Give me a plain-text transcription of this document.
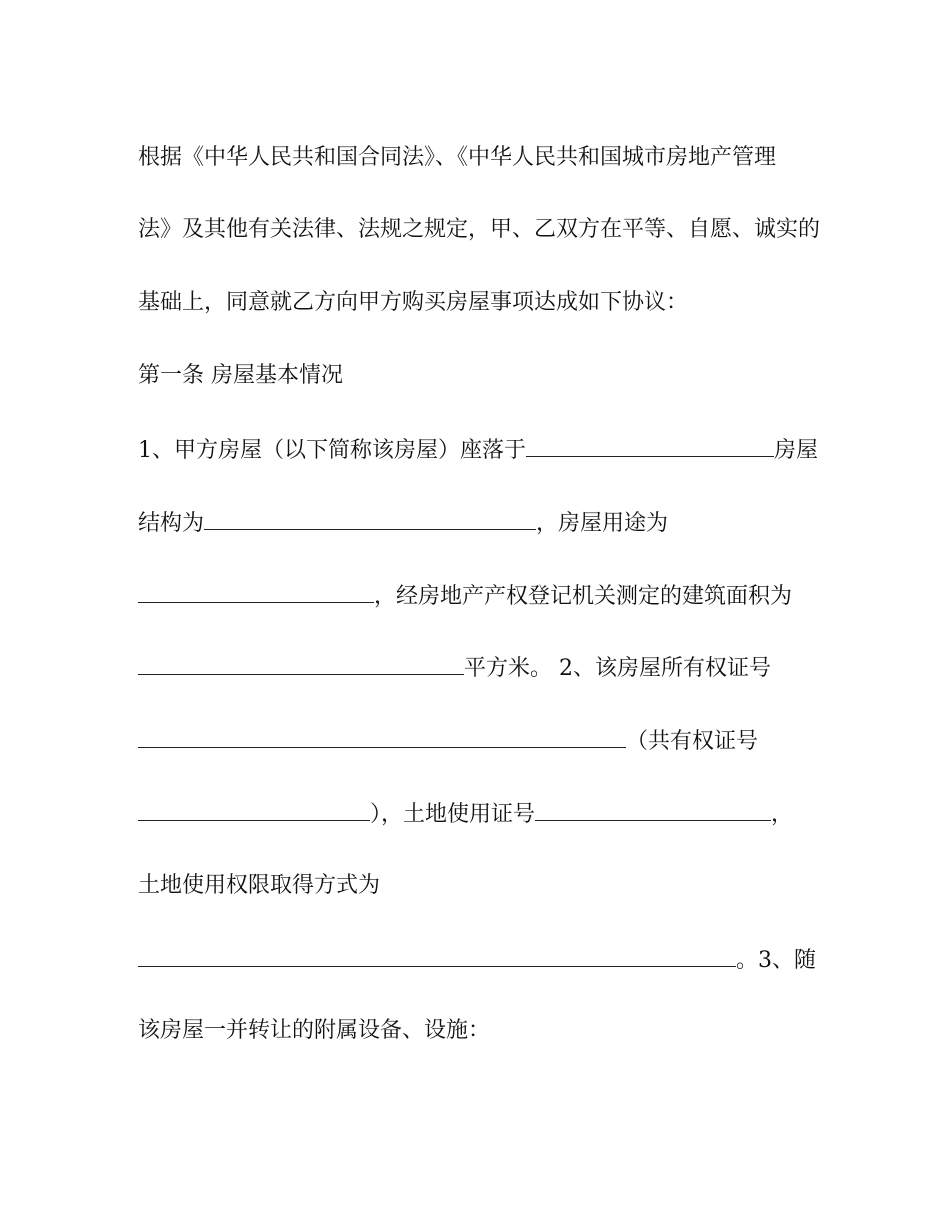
根据《中华人民共和国合同法》、《中华人民共和国城市房地产管理
法》及其他有关法律、法规之规定，甲、乙双方在平等、自愿、诚实的
基础上，同意就乙方向甲方购买房屋事项达成如下协议：
第一条 房屋基本情况
1、甲方房屋（以下简称该房屋）座落于	房屋
结构为	，房屋用途为
，经房地产产权登记机关测定的建筑面积为
平方米。 2、该房屋所有权证号
（共有权证号
），土地使用证号	，
土地使用权限取得方式为
。3、随
该房屋一并转让的附属设备、设施：
